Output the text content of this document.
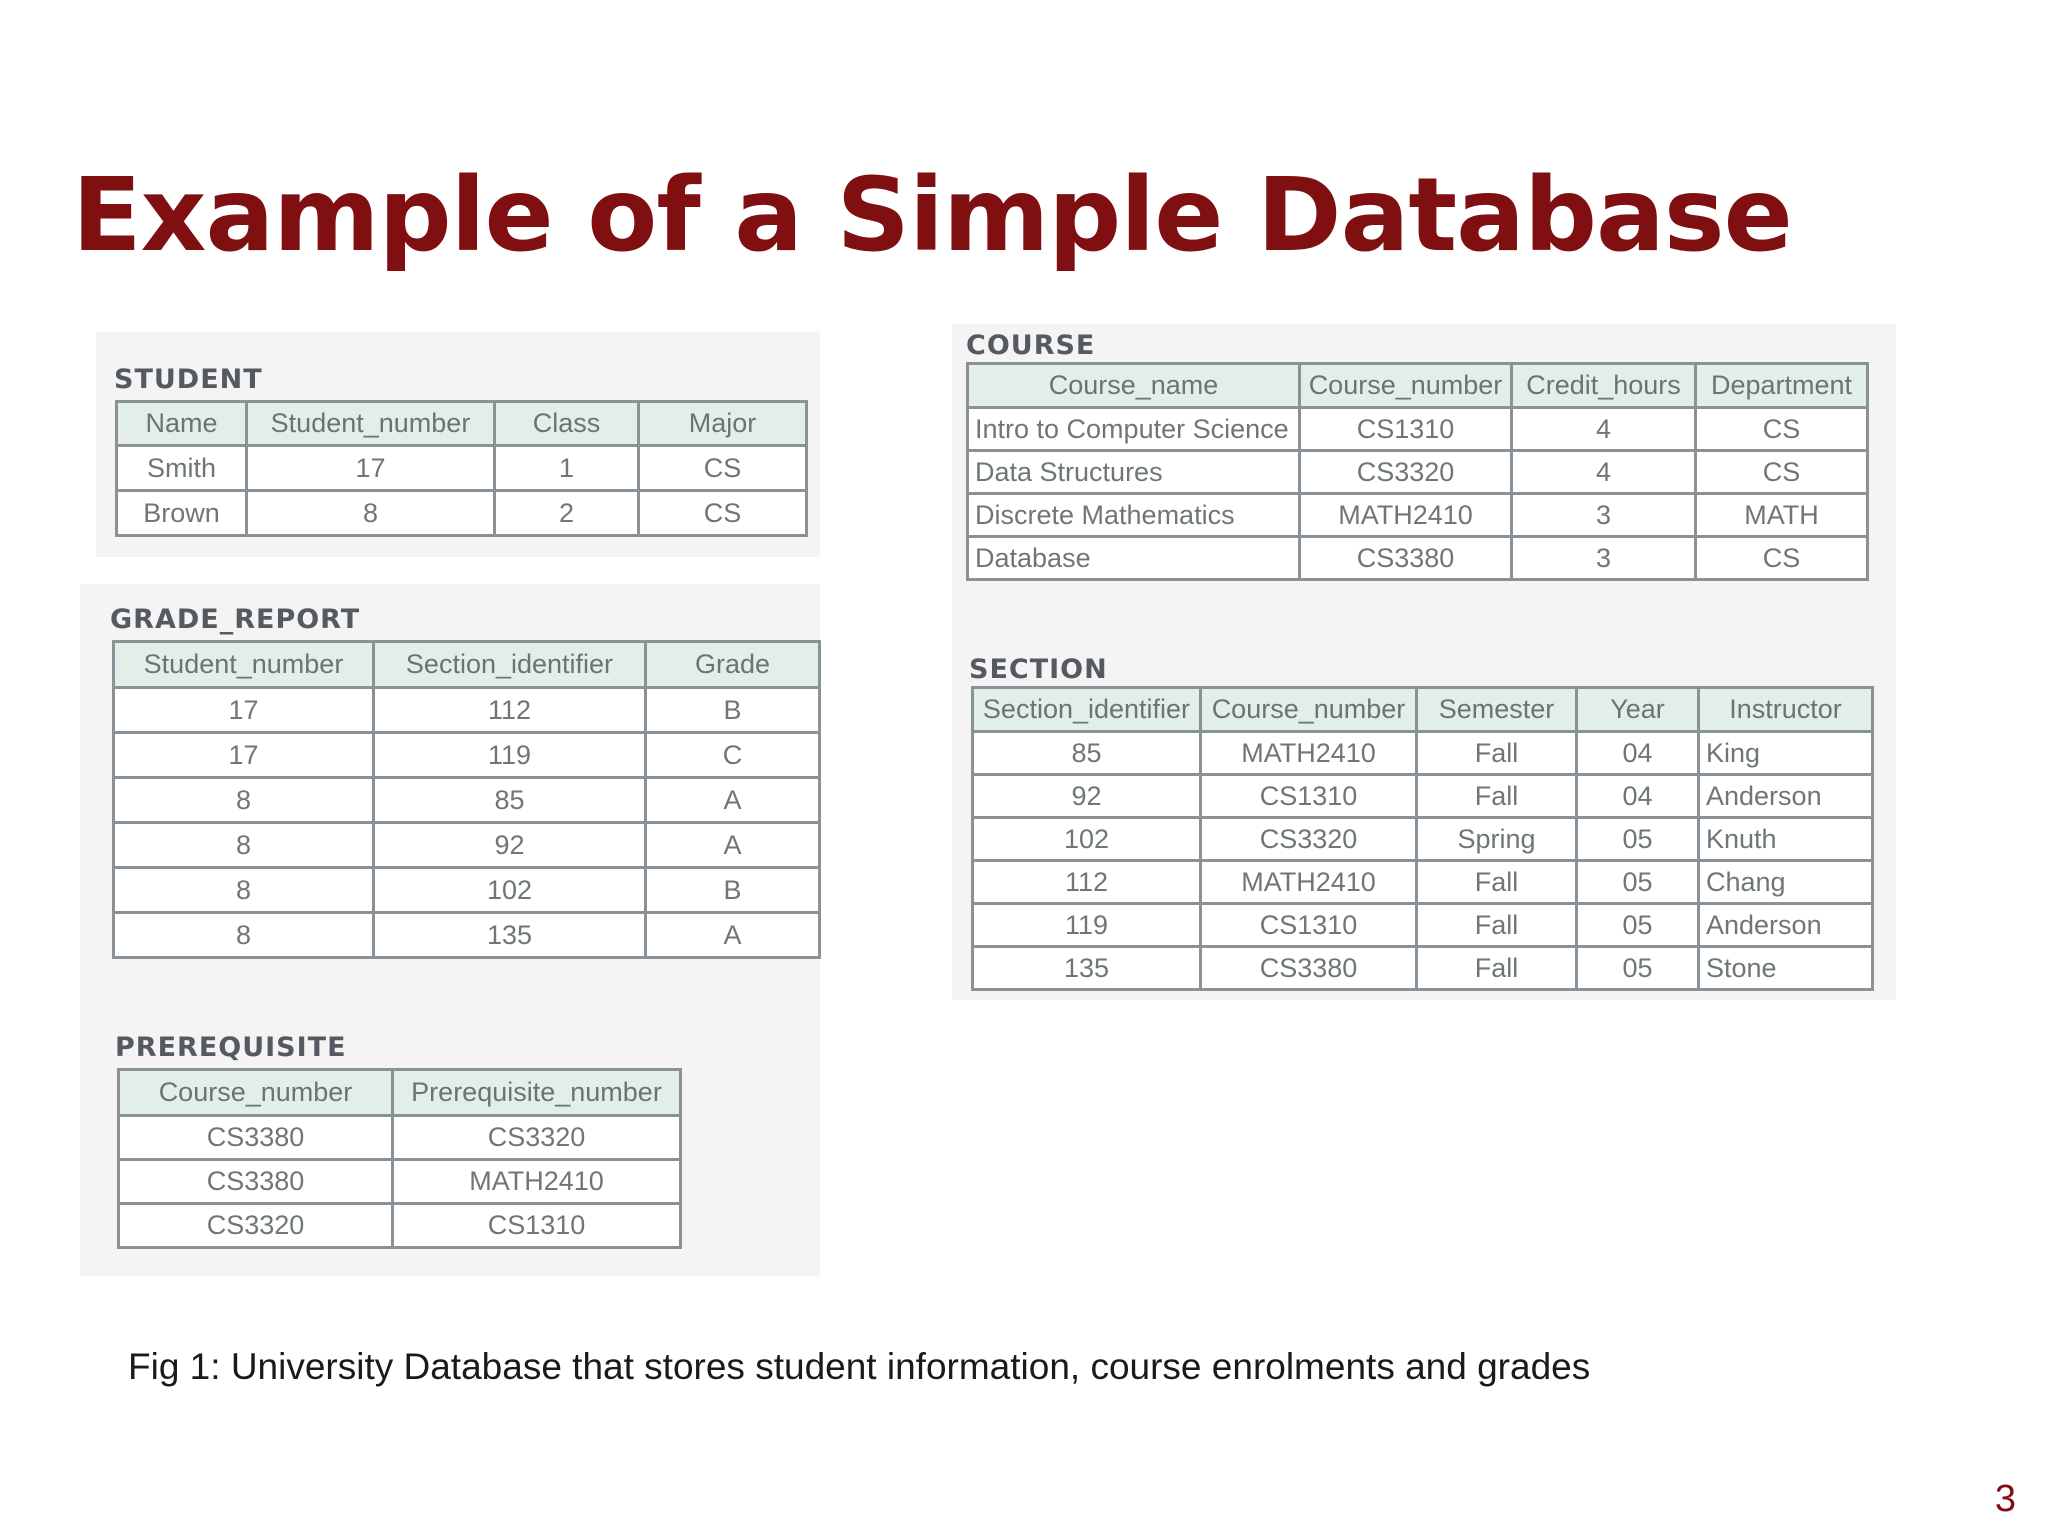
Example of a Simple Database
STUDENT
Name	Student_number	Class	Major
Smith	17	1	CS
Brown	8	2	CS
GRADE_REPORT
Student_number	Section_identifier	Grade
17	112	B
17	119	C
8	85	A
8	92	A
8	102	B
8	135	A
PREREQUISITE
Course_number	Prerequisite_number
CS3380	CS3320
CS3380	MATH2410
CS3320	CS1310
COURSE
Course_name	Course_number	Credit_hours	Department
Intro to Computer Science	CS1310	4	CS
Data Structures	CS3320	4	CS
Discrete Mathematics	MATH2410	3	MATH
Database	CS3380	3	CS
SECTION
Section_identifier	Course_number	Semester	Year	Instructor
85	MATH2410	Fall	04	King
92	CS1310	Fall	04	Anderson
102	CS3320	Spring	05	Knuth
112	MATH2410	Fall	05	Chang
119	CS1310	Fall	05	Anderson
135	CS3380	Fall	05	Stone
Fig 1: University Database that stores student information, course enrolments and grades
3
